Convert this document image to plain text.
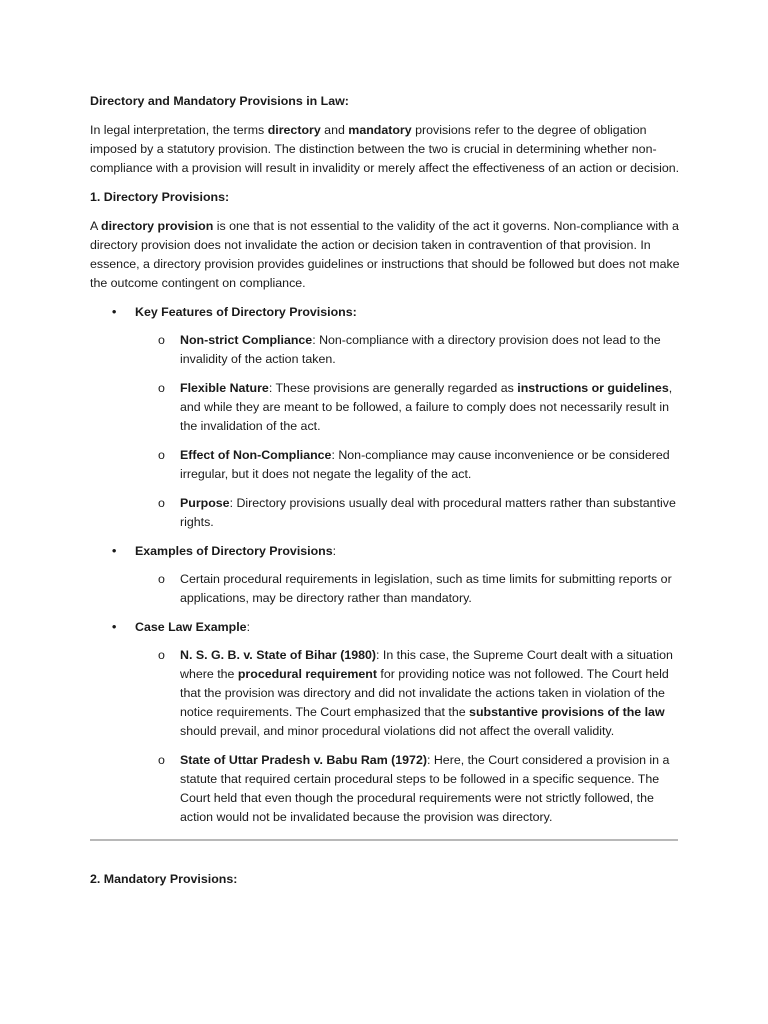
Directory and Mandatory Provisions in Law:

In legal interpretation, the terms directory and mandatory provisions refer to the degree of obligation imposed by a statutory provision. The distinction between the two is crucial in determining whether non-compliance with a provision will result in invalidity or merely affect the effectiveness of an action or decision.

1. Directory Provisions:

A directory provision is one that is not essential to the validity of the act it governs. Non-compliance with a directory provision does not invalidate the action or decision taken in contravention of that provision. In essence, a directory provision provides guidelines or instructions that should be followed but does not make the outcome contingent on compliance.

• Key Features of Directory Provisions:
o Non-strict Compliance: Non-compliance with a directory provision does not lead to the invalidity of the action taken.
o Flexible Nature: These provisions are generally regarded as instructions or guidelines, and while they are meant to be followed, a failure to comply does not necessarily result in the invalidation of the act.
o Effect of Non-Compliance: Non-compliance may cause inconvenience or be considered irregular, but it does not negate the legality of the act.
o Purpose: Directory provisions usually deal with procedural matters rather than substantive rights.
• Examples of Directory Provisions:
o Certain procedural requirements in legislation, such as time limits for submitting reports or applications, may be directory rather than mandatory.
• Case Law Example:
o N. S. G. B. v. State of Bihar (1980): In this case, the Supreme Court dealt with a situation where the procedural requirement for providing notice was not followed. The Court held that the provision was directory and did not invalidate the actions taken in violation of the notice requirements. The Court emphasized that the substantive provisions of the law should prevail, and minor procedural violations did not affect the overall validity.
o State of Uttar Pradesh v. Babu Ram (1972): Here, the Court considered a provision in a statute that required certain procedural steps to be followed in a specific sequence. The Court held that even though the procedural requirements were not strictly followed, the action would not be invalidated because the provision was directory.

2. Mandatory Provisions:
